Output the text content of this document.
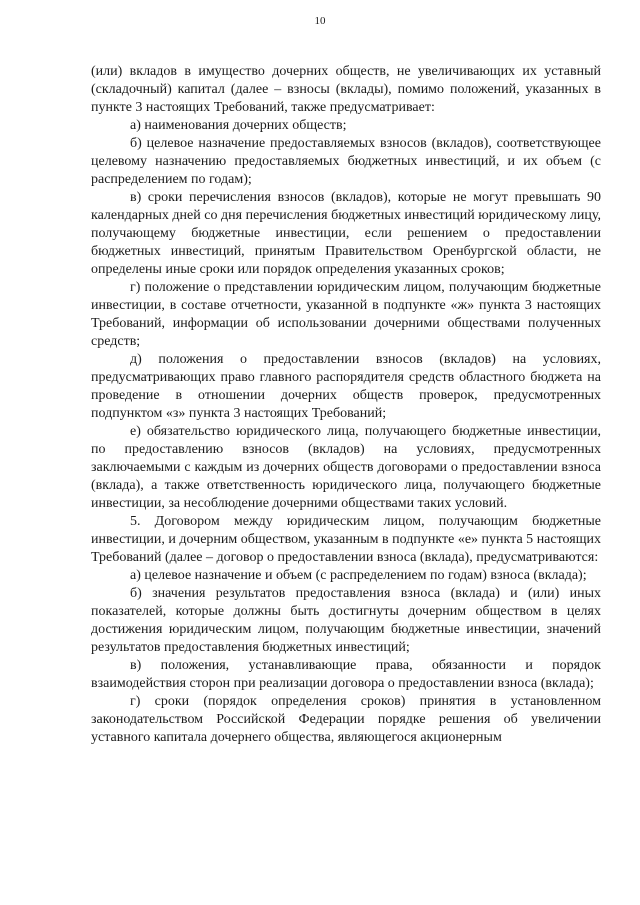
10

(или) вкладов в имущество дочерних обществ, не увеличивающих их уставный (складочный) капитал (далее – взносы (вклады), помимо положений, указанных в пункте 3 настоящих Требований, также предусматривает:

а) наименования дочерних обществ;

б) целевое назначение предоставляемых взносов (вкладов), соответствующее целевому назначению предоставляемых бюджетных инвестиций, и их объем (с распределением по годам);

в) сроки перечисления взносов (вкладов), которые не могут превышать 90 календарных дней со дня перечисления бюджетных инвестиций юридическому лицу, получающему бюджетные инвестиции, если решением о предоставлении бюджетных инвестиций, принятым Правительством Оренбургской области, не определены иные сроки или порядок определения указанных сроков;

г) положение о представлении юридическим лицом, получающим бюджетные инвестиции, в составе отчетности, указанной в подпункте «ж» пункта 3 настоящих Требований, информации об использовании дочерними обществами полученных средств;

д) положения о предоставлении взносов (вкладов) на условиях, предусматривающих право главного распорядителя средств областного бюджета на проведение в отношении дочерних обществ проверок, предусмотренных подпунктом «з» пункта 3 настоящих Требований;

е) обязательство юридического лица, получающего бюджетные инвестиции, по предоставлению взносов (вкладов) на условиях, предусмотренных заключаемыми с каждым из дочерних обществ договорами о предоставлении взноса (вклада), а также ответственность юридического лица, получающего бюджетные инвестиции, за несоблюдение дочерними обществами таких условий.

5. Договором между юридическим лицом, получающим бюджетные инвестиции, и дочерним обществом, указанным в подпункте «е» пункта 5 настоящих Требований (далее – договор о предоставлении взноса (вклада), предусматриваются:

а) целевое назначение и объем (с распределением по годам) взноса (вклада);

б) значения результатов предоставления взноса (вклада) и (или) иных показателей, которые должны быть достигнуты дочерним обществом в целях достижения юридическим лицом, получающим бюджетные инвестиции, значений результатов предоставления бюджетных инвестиций;

в) положения, устанавливающие права, обязанности и порядок взаимодействия сторон при реализации договора о предоставлении взноса (вклада);

г) сроки (порядок определения сроков) принятия в установленном законодательством Российской Федерации порядке решения об увеличении уставного капитала дочернего общества, являющегося акционерным
